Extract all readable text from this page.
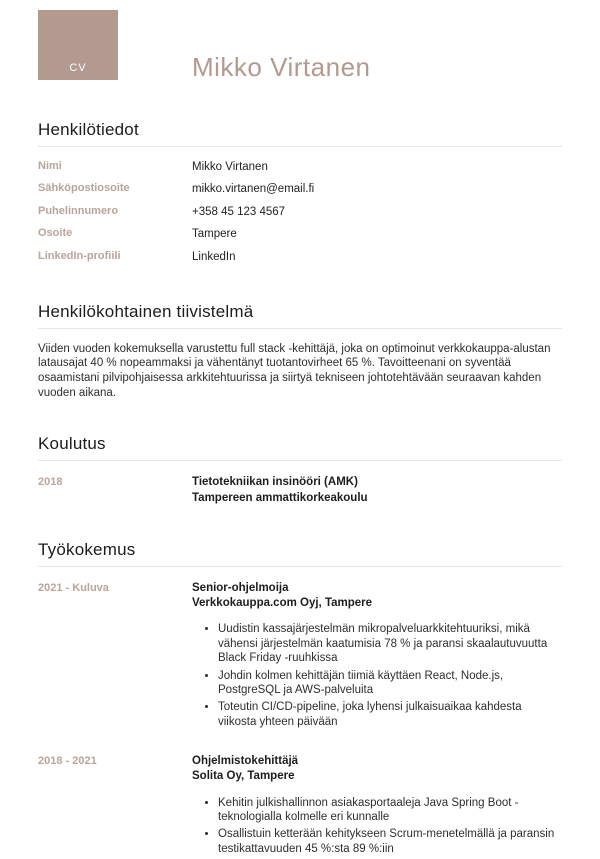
CV	Mikko Virtanen
Henkilötiedot
Nimi	Mikko Virtanen
Sähköpostiosoite	mikko.virtanen@email.fi
Puhelinnumero	+358 45 123 4567
Osoite	Tampere
LinkedIn-profiili	LinkedIn
Henkilökohtainen tiivistelmä

Viiden vuoden kokemuksella varustettu full stack -kehittäjä, joka on optimoinut verkkokauppa-alustan latausajat 40 % nopeammaksi ja vähentänyt tuotantovirheet 65 %. Tavoitteenani on syventää osaamistani pilvipohjaisessa arkkitehtuurissa ja siirtyä tekniseen johtotehtävään seuraavan kahden vuoden aikana.

Koulutus
2018	Tietotekniikan insinööri (AMK)
Tampereen ammattikorkeakoulu
Työkokemus
2021 - Kuluva	Senior-ohjelmoija
Verkkokauppa.com Oyj, Tampere
• Uudistin kassajärjestelmän mikropalveluarkkitehtuuriksi, mikä vähensi järjestelmän kaatumisia 78 % ja paransi skaalautuvuutta Black Friday -ruuhkissa
• Johdin kolmen kehittäjän tiimiä käyttäen React, Node.js, PostgreSQL ja AWS-palveluita
• Toteutin CI/CD-pipeline, joka lyhensi julkaisuaikaa kahdesta viikosta yhteen päivään
2018 - 2021	Ohjelmistokehittäjä
Solita Oy, Tampere
• Kehitin julkishallinnon asiakasportaaleja Java Spring Boot -teknologialla kolmelle eri kunnalle
• Osallistuin ketterään kehitykseen Scrum-menetelmällä ja paransin testikattavuuden 45 %:sta 89 %:iin
